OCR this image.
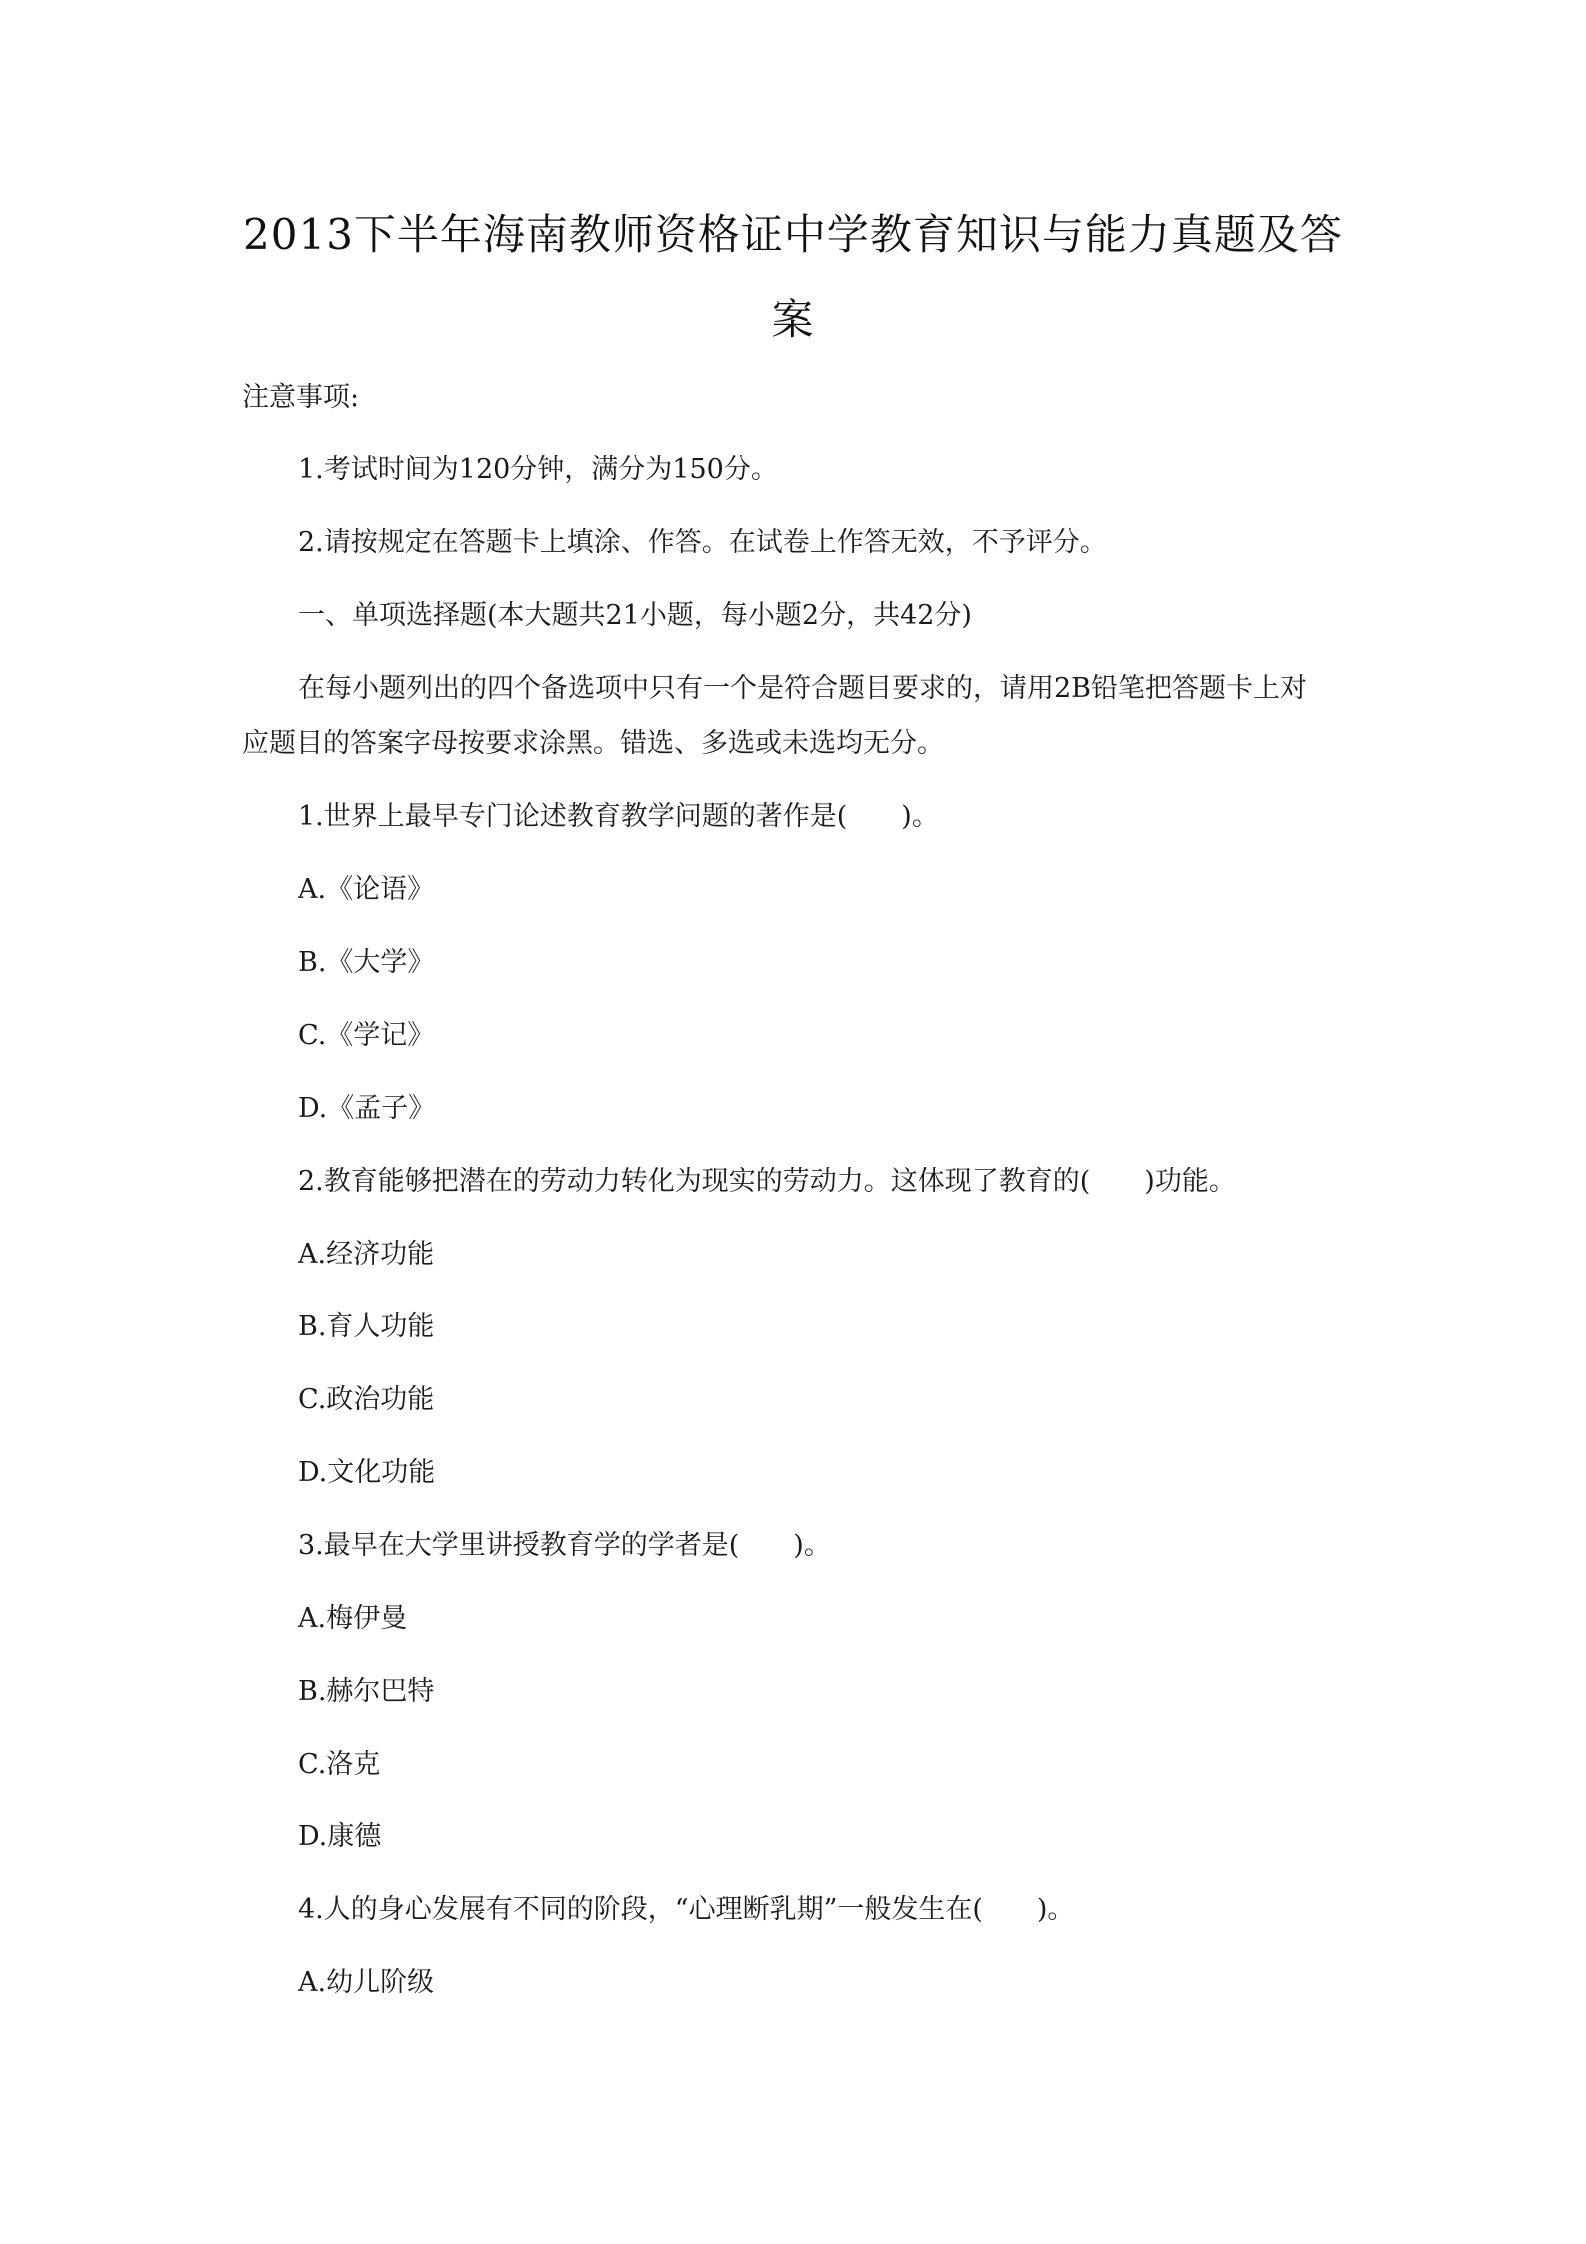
2013下半年海南教师资格证中学教育知识与能力真题及答
案
注意事项:
1.考试时间为120分钟，满分为150分。
2.请按规定在答题卡上填涂、作答。在试卷上作答无效，不予评分。
一、单项选择题(本大题共21小题，每小题2分，共42分)
在每小题列出的四个备选项中只有一个是符合题目要求的，请用2B铅笔把答题卡上对
应题目的答案字母按要求涂黑。错选、多选或未选均无分。
1.世界上最早专门论述教育教学问题的著作是(　　)。
A.《论语》
B.《大学》
C.《学记》
D.《孟子》
2.教育能够把潜在的劳动力转化为现实的劳动力。这体现了教育的(　　)功能。
A.经济功能
B.育人功能
C.政治功能
D.文化功能
3.最早在大学里讲授教育学的学者是(　　)。
A.梅伊曼
B.赫尔巴特
C.洛克
D.康德
4.人的身心发展有不同的阶段，“心理断乳期”一般发生在(　　)。
A.幼儿阶级
